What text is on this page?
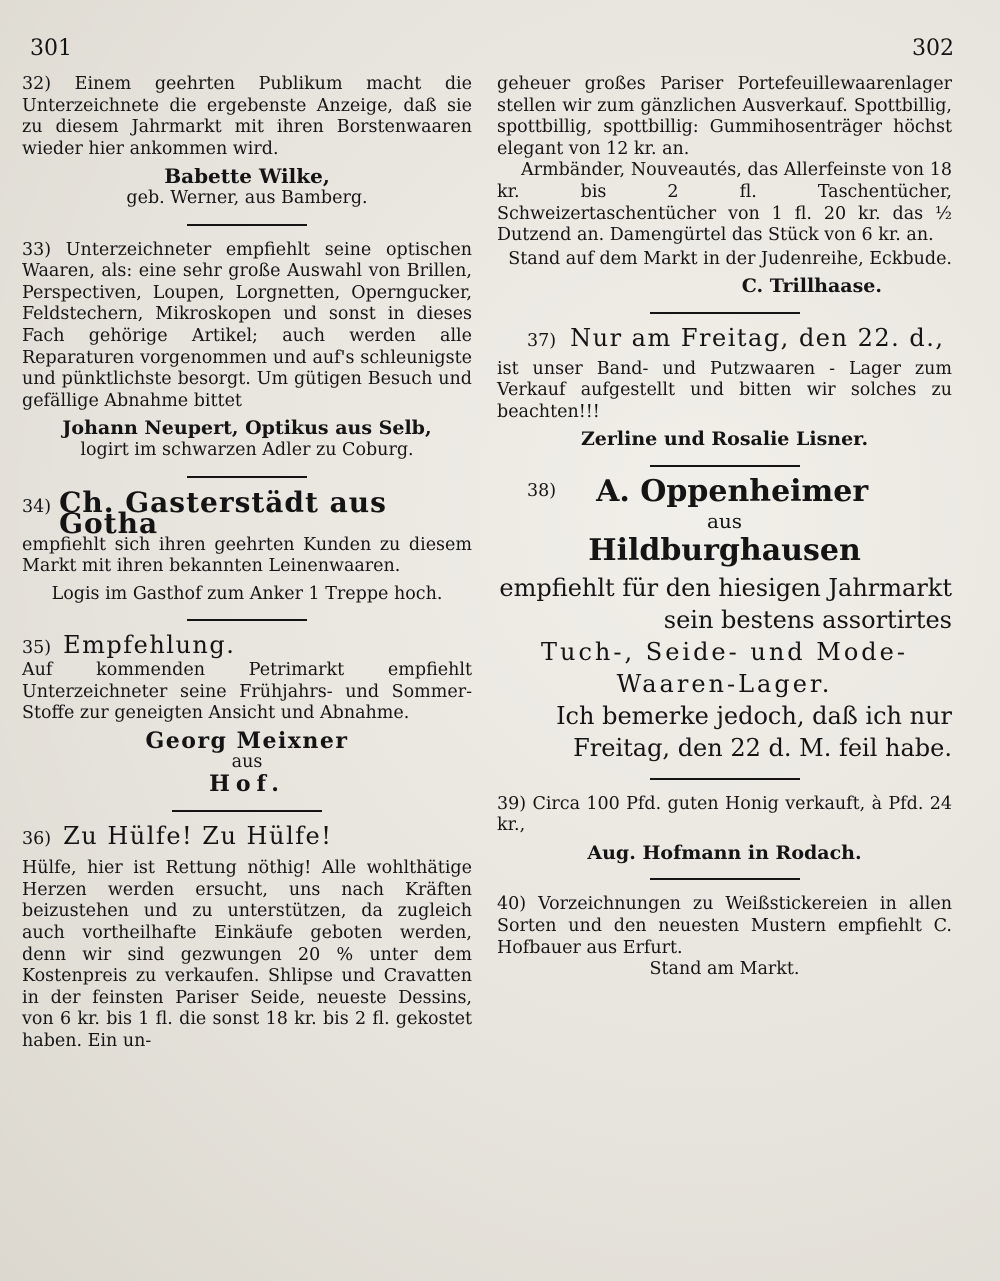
301	302

32) Einem geehrten Publikum macht die Unterzeichnete die ergebenste Anzeige, daß sie zu diesem Jahrmarkt mit ihren Borstenwaaren wieder hier ankommen wird.

Babette Wilke,

geb. Werner, aus Bamberg.

33) Unterzeichneter empfiehlt seine optischen Waaren, als: eine sehr große Auswahl von Brillen, Perspectiven, Loupen, Lorgnetten, Operngucker, Feldstechern, Mikroskopen und sonst in dieses Fach gehörige Artikel; auch werden alle Reparaturen vorgenommen und auf's schleunigste und pünktlichste besorgt. Um gütigen Besuch und gefällige Abnahme bittet

Johann Neupert, Optikus aus Selb,

logirt im schwarzen Adler zu Coburg.

34) Ch. Gasterstädt aus Gotha

empfiehlt sich ihren geehrten Kunden zu diesem Markt mit ihren bekannten Leinenwaaren.

Logis im Gasthof zum Anker 1 Treppe hoch.

35) Empfehlung.

Auf kommenden Petrimarkt empfiehlt Unterzeichneter seine Frühjahrs- und Sommer-Stoffe zur geneigten Ansicht und Abnahme.

Georg Meixner

aus

Hof.

36) Zu Hülfe! Zu Hülfe!

Hülfe, hier ist Rettung nöthig! Alle wohlthätige Herzen werden ersucht, uns nach Kräften beizustehen und zu unterstützen, da zugleich auch vortheilhafte Einkäufe geboten werden, denn wir sind gezwungen 20 % unter dem Kostenpreis zu verkaufen. Shlipse und Cravatten in der feinsten Pariser Seide, neueste Dessins, von 6 kr. bis 1 fl. die sonst 18 kr. bis 2 fl. gekostet haben. Ein un-

geheuer großes Pariser Portefeuillewaarenlager stellen wir zum gänzlichen Ausverkauf. Spottbillig, spottbillig, spottbillig: Gummihosenträger höchst elegant von 12 kr. an.

Armbänder, Nouveautés, das Allerfeinste von 18 kr. bis 2 fl. Taschentücher, Schweizertaschentücher von 1 fl. 20 kr. das ½ Dutzend an. Damengürtel das Stück von 6 kr. an.

Stand auf dem Markt in der Judenreihe, Eckbude.

C. Trillhaase.

37) Nur am Freitag, den 22. d.,

ist unser Band- und Putzwaaren - Lager zum Verkauf aufgestellt und bitten wir solches zu beachten!!!

Zerline und Rosalie Lisner.

38) A. Oppenheimer

aus

Hildburghausen

empfiehlt für den hiesigen Jahrmarkt sein bestens assortirtes

Tuch-, Seide- und Mode-

Waaren-Lager.

Ich bemerke jedoch, daß ich nur

Freitag, den 22 d. M. feil habe.

39) Circa 100 Pfd. guten Honig verkauft, à Pfd. 24 kr.,

Aug. Hofmann in Rodach.

40) Vorzeichnungen zu Weißstickereien in allen Sorten und den neuesten Mustern empfiehlt C. Hofbauer aus Erfurt.

Stand am Markt.
